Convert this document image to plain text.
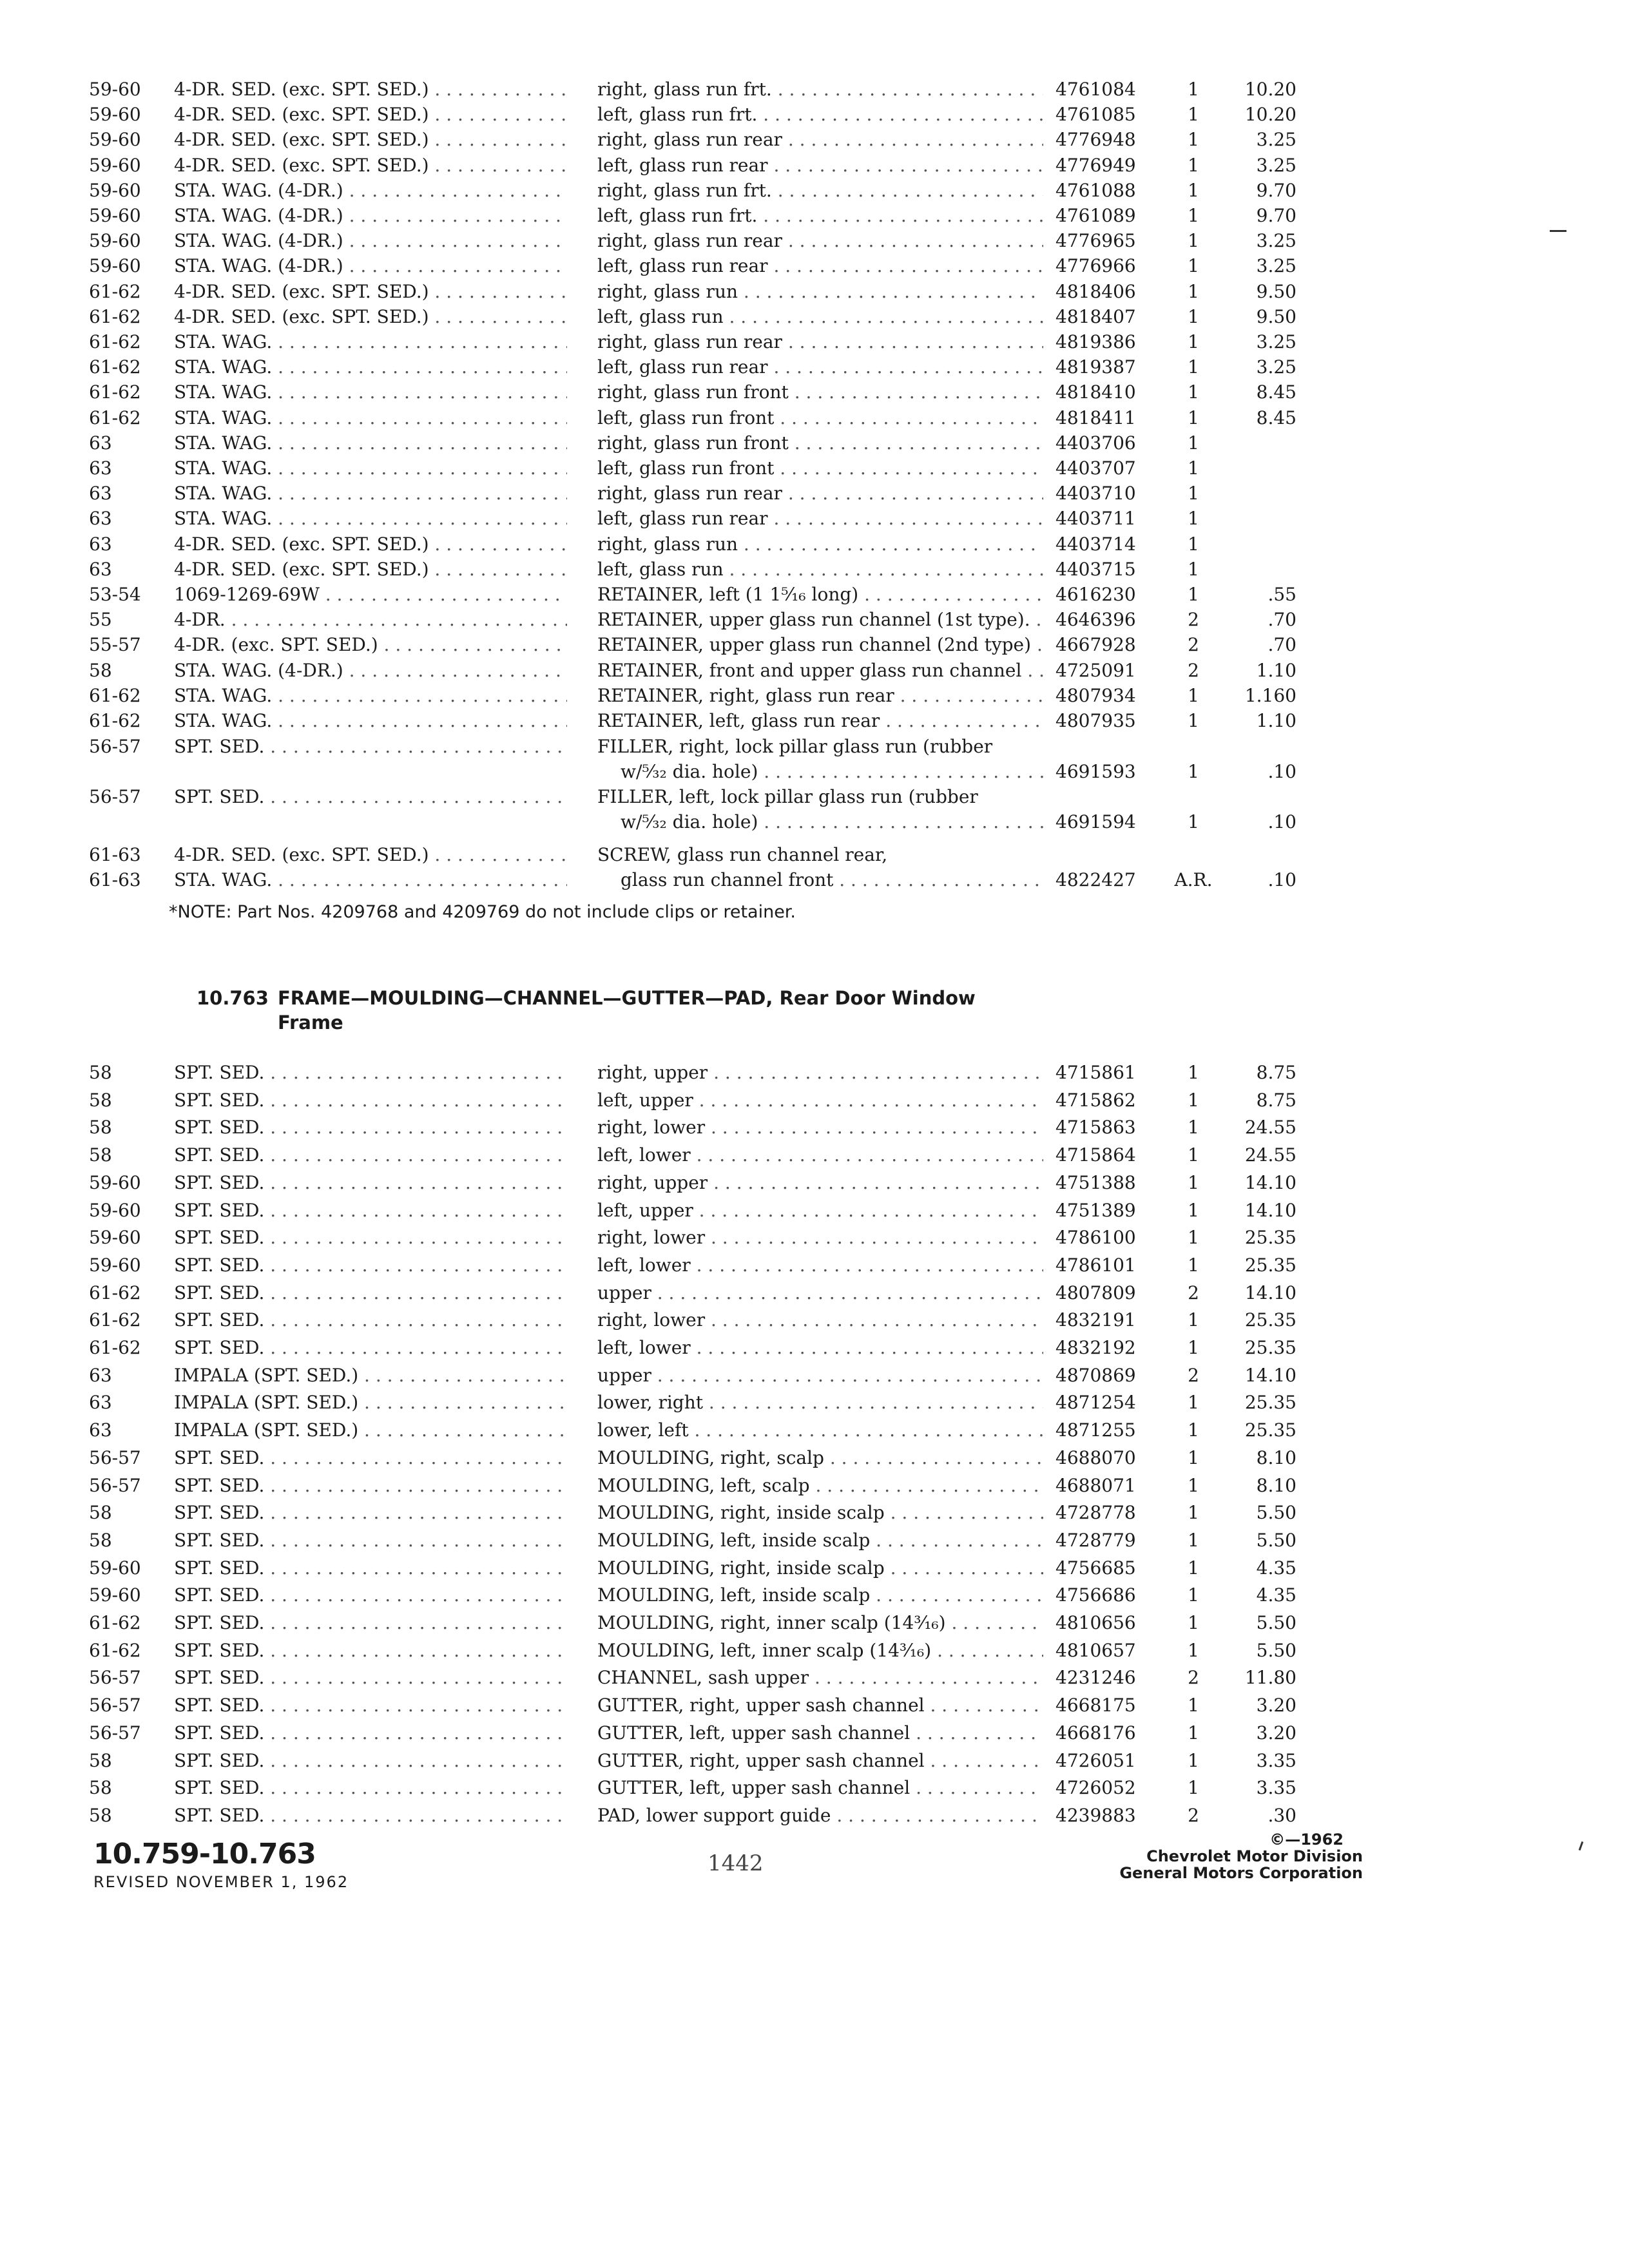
59-60	4-DR. SED. (exc. SPT. SED.) . . .	right, glass run frt. . . .	4761084	1	10.20
59-60	4-DR. SED. (exc. SPT. SED.) . . .	left, glass run frt. . . .	4761085	1	10.20
59-60	4-DR. SED. (exc. SPT. SED.) . . .	right, glass run rear . . .	4776948	1	3.25
59-60	4-DR. SED. (exc. SPT. SED.) . . .	left, glass run rear . . .	4776949	1	3.25
59-60	STA. WAG. (4-DR.) . . .	right, glass run frt. . . .	4761088	1	9.70
59-60	STA. WAG. (4-DR.) . . .	left, glass run frt. . . .	4761089	1	9.70
59-60	STA. WAG. (4-DR.) . . .	right, glass run rear . . .	4776965	1	3.25
59-60	STA. WAG. (4-DR.) . . .	left, glass run rear . . .	4776966	1	3.25
61-62	4-DR. SED. (exc. SPT. SED.) . . .	right, glass run . . .	4818406	1	9.50
61-62	4-DR. SED. (exc. SPT. SED.) . . .	left, glass run . . .	4818407	1	9.50
61-62	STA. WAG. . . .	right, glass run rear . . .	4819386	1	3.25
61-62	STA. WAG. . . .	left, glass run rear . . .	4819387	1	3.25
61-62	STA. WAG. . . .	right, glass run front . . .	4818410	1	8.45
61-62	STA. WAG. . . .	left, glass run front . . .	4818411	1	8.45
63	STA. WAG. . . .	right, glass run front . . .	4403706	1
63	STA. WAG. . . .	left, glass run front . . .	4403707	1
63	STA. WAG. . . .	right, glass run rear . . .	4403710	1
63	STA. WAG. . . .	left, glass run rear . . .	4403711	1
63	4-DR. SED. (exc. SPT. SED.) . . .	right, glass run . . .	4403714	1
63	4-DR. SED. (exc. SPT. SED.) . . .	left, glass run . . .	4403715	1
53-54	1069-1269-69W . . .	RETAINER, left (1 1⁵⁄₁₆ long) . . .	4616230	1	.55
55	4-DR. . . .	RETAINER, upper glass run channel (1st type). . . .	4646396	2	.70
55-57	4-DR. (exc. SPT. SED.) . . .	RETAINER, upper glass run channel (2nd type) . . .	4667928	2	.70
58	STA. WAG. (4-DR.) . . .	RETAINER, front and upper glass run channel . . .	4725091	2	1.10
61-62	STA. WAG. . . .	RETAINER, right, glass run rear . . .	4807934	1	1.160
61-62	STA. WAG. . . .	RETAINER, left, glass run rear . . .	4807935	1	1.10
56-57	SPT. SED. . . .	FILLER, right, lock pillar glass run (rubber
w/⁵⁄₃₂ dia. hole) . . .	4691593	1	.10
56-57	SPT. SED. . . .	FILLER, left, lock pillar glass run (rubber
w/⁵⁄₃₂ dia. hole) . . .	4691594	1	.10
61-63	4-DR. SED. (exc. SPT. SED.) . . .	SCREW, glass run channel rear,
61-63	STA. WAG. . . .	glass run channel front . . .	4822427	A.R.	.10
*NOTE: Part Nos. 4209768 and 4209769 do not include clips or retainer.
10.763 FRAME—MOULDING—CHANNEL—GUTTER—PAD, Rear Door Window
Frame
58	SPT. SED. . . .	right, upper . . .	4715861	1	8.75
58	SPT. SED. . . .	left, upper . . .	4715862	1	8.75
58	SPT. SED. . . .	right, lower . . .	4715863	1	24.55
58	SPT. SED. . . .	left, lower . . .	4715864	1	24.55
59-60	SPT. SED. . . .	right, upper . . .	4751388	1	14.10
59-60	SPT. SED. . . .	left, upper . . .	4751389	1	14.10
59-60	SPT. SED. . . .	right, lower . . .	4786100	1	25.35
59-60	SPT. SED. . . .	left, lower . . .	4786101	1	25.35
61-62	SPT. SED. . . .	upper . . .	4807809	2	14.10
61-62	SPT. SED. . . .	right, lower . . .	4832191	1	25.35
61-62	SPT. SED. . . .	left, lower . . .	4832192	1	25.35
63	IMPALA (SPT. SED.) . . .	upper . . .	4870869	2	14.10
63	IMPALA (SPT. SED.) . . .	lower, right . . .	4871254	1	25.35
63	IMPALA (SPT. SED.) . . .	lower, left . . .	4871255	1	25.35
56-57	SPT. SED. . . .	MOULDING, right, scalp . . .	4688070	1	8.10
56-57	SPT. SED. . . .	MOULDING, left, scalp . . .	4688071	1	8.10
58	SPT. SED. . . .	MOULDING, right, inside scalp . . .	4728778	1	5.50
58	SPT. SED. . . .	MOULDING, left, inside scalp . . .	4728779	1	5.50
59-60	SPT. SED. . . .	MOULDING, right, inside scalp . . .	4756685	1	4.35
59-60	SPT. SED. . . .	MOULDING, left, inside scalp . . .	4756686	1	4.35
61-62	SPT. SED. . . .	MOULDING, right, inner scalp (14³⁄₁₆) . . .	4810656	1	5.50
61-62	SPT. SED. . . .	MOULDING, left, inner scalp (14³⁄₁₆) . . .	4810657	1	5.50
56-57	SPT. SED. . . .	CHANNEL, sash upper . . .	4231246	2	11.80
56-57	SPT. SED. . . .	GUTTER, right, upper sash channel . . .	4668175	1	3.20
56-57	SPT. SED. . . .	GUTTER, left, upper sash channel . . .	4668176	1	3.20
58	SPT. SED. . . .	GUTTER, right, upper sash channel . . .	4726051	1	3.35
58	SPT. SED. . . .	GUTTER, left, upper sash channel . . .	4726052	1	3.35
58	SPT. SED. . . .	PAD, lower support guide . . .	4239883	2	.30
10.759-10.763
REVISED NOVEMBER 1, 1962
1442
©—1962
Chevrolet Motor Division
General Motors Corporation
